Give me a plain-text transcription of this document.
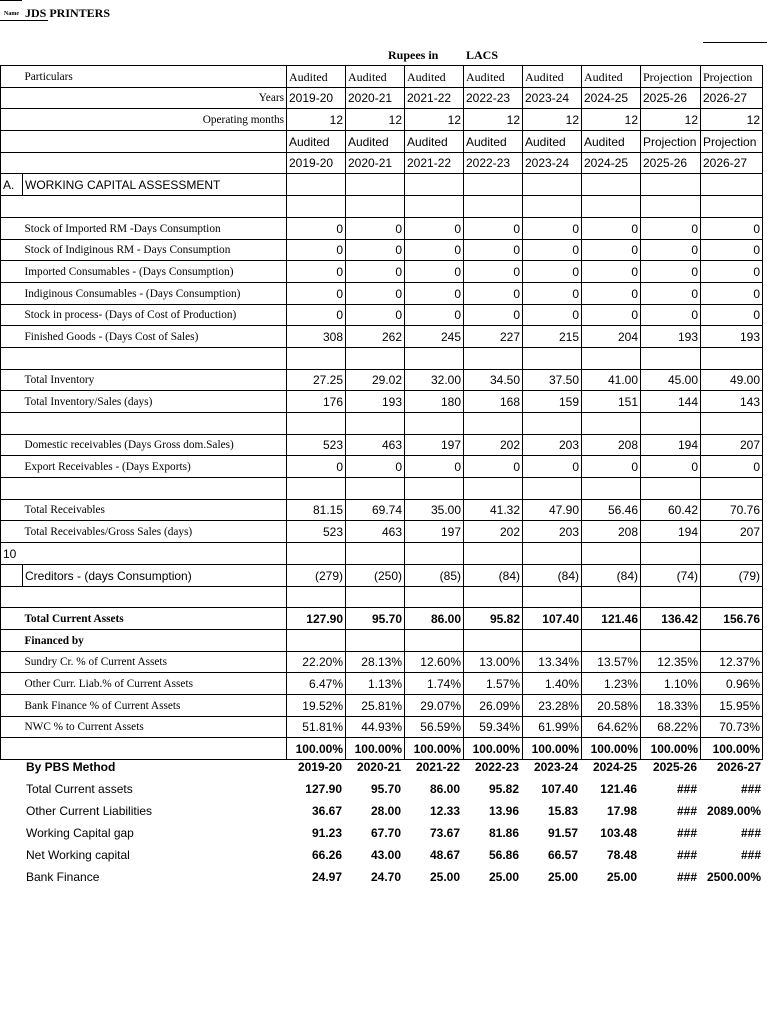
Name JDS PRINTERS
Rupees in LACS
	Particulars	Audited	Audited	Audited	Audited	Audited	Audited	Projection	Projection
	Years	2019-20	2020-21	2021-22	2022-23	2023-24	2024-25	2025-26	2026-27
	Operating months	12	12	12	12	12	12	12	12
		Audited	Audited	Audited	Audited	Audited	Audited	Projection	Projection
		2019-20	2020-21	2021-22	2022-23	2023-24	2024-25	2025-26	2026-27
A.	WORKING CAPITAL ASSESSMENT								

	Stock of Imported RM -Days Consumption	0	0	0	0	0	0	0	0
	Stock of Indiginous RM - Days Consumption	0	0	0	0	0	0	0	0
	Imported Consumables - (Days Consumption)	0	0	0	0	0	0	0	0
	Indiginous Consumables - (Days Consumption)	0	0	0	0	0	0	0	0
	Stock in process- (Days of Cost of Production)	0	0	0	0	0	0	0	0
	Finished Goods - (Days Cost of Sales)	308	262	245	227	215	204	193	193

	Total Inventory	27.25	29.02	32.00	34.50	37.50	41.00	45.00	49.00
	Total Inventory/Sales (days)	176	193	180	168	159	151	144	143

	Domestic receivables (Days Gross dom.Sales)	523	463	197	202	203	208	194	207
	Export Receivables - (Days Exports)	0	0	0	0	0	0	0	0

	Total Receivables	81.15	69.74	35.00	41.32	47.90	56.46	60.42	70.76
	Total Receivables/Gross Sales (days)	523	463	197	202	203	208	194	207
10									
	Creditors - (days Consumption)	(279)	(250)	(85)	(84)	(84)	(84)	(74)	(79)

	Total Current Assets	127.90	95.70	86.00	95.82	107.40	121.46	136.42	156.76
	Financed by								
	Sundry Cr. % of Current Assets	22.20%	28.13%	12.60%	13.00%	13.34%	13.57%	12.35%	12.37%
	Other Curr. Liab.% of Current Assets	6.47%	1.13%	1.74%	1.57%	1.40%	1.23%	1.10%	0.96%
	Bank Finance % of Current Assets	19.52%	25.81%	29.07%	26.09%	23.28%	20.58%	18.33%	15.95%
	NWC % to Current Assets	51.81%	44.93%	56.59%	59.34%	61.99%	64.62%	68.22%	70.73%
		100.00%	100.00%	100.00%	100.00%	100.00%	100.00%	100.00%	100.00%
By PBS Method	2019-20	2020-21	2021-22	2022-23	2023-24	2024-25	2025-26	2026-27
Total Current assets	127.90	95.70	86.00	95.82	107.40	121.46	###	###
Other Current Liabilities	36.67	28.00	12.33	13.96	15.83	17.98	###	2089.00%
Working Capital gap	91.23	67.70	73.67	81.86	91.57	103.48	###	###
Net Working capital	66.26	43.00	48.67	56.86	66.57	78.48	###	###
Bank Finance	24.97	24.70	25.00	25.00	25.00	25.00	###	2500.00%
